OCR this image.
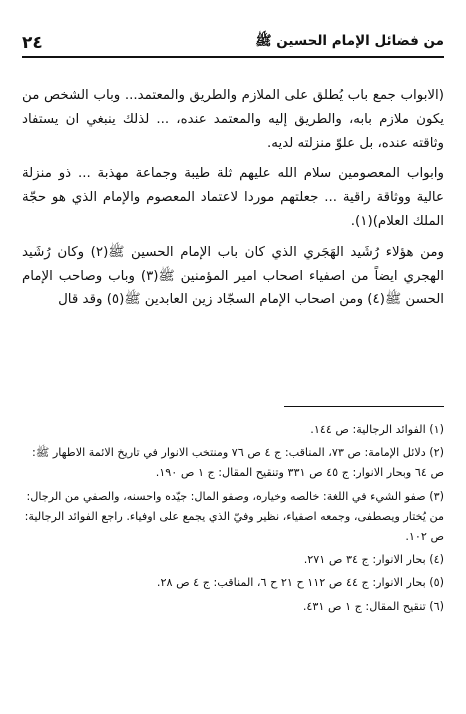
٢٤	من فضائل الإمام الحسين ﷺ

(الابواب جمع باب يُطلق على الملازم والطريق والمعتمد... وباب الشخص من يكون ملازم بابه، والطريق إليه والمعتمد عنده، ... لذلك ينبغي ان يستفاد وثاقته عنده، بل علوّ منزلته لديه.

وابواب المعصومين سلام الله عليهم ثلة طيبة وجماعة مهذبة ... ذو منزلة عالية ووثاقة راقية ... جعلتهم موردا لاعتماد المعصوم والإمام الذي هو حجّة الملك العلام)(١).

ومن هؤلاء رُشَيد الهَجَري الذي كان باب الإمام الحسين ﷺ(٢) وكان رُشَيد الهجري ايضاً من اصفياء اصحاب امير المؤمنين ﷺ(٣) وباب وصاحب الإمام الحسن ﷺ(٤) ومن اصحاب الإمام السجّاد زين العابدين ﷺ(٥) وقد قال

(١) الفوائد الرجالية: ص ١٤٤.
(٢) دلائل الإمامة: ص ٧٣، المناقب: ج ٤ ص ٧٦ ومنتخب الانوار في تاريخ الائمة الاطهار ﷺ: ص ٦٤ وبحار الانوار: ج ٤٥ ص ٣٣١ وتنقيح المقال: ج ١ ص ١٩٠.
(٣) صفو الشيء في اللغة: خالصه وخياره، وصفو المال: جيّده واحسنه، والصفي من الرجال: من يُختار ويصطفى، وجمعه اصفياء، نظير وفيّ الذي يجمع على اوفياء. راجع الفوائد الرجالية: ص ١٠٢.
(٤) بحار الانوار: ج ٣٤ ص ٢٧١.
(٥) بحار الانوار: ج ٤٤ ص ١١٢ ح ٢١ ح ٦، المناقب: ج ٤ ص ٢٨.
(٦) تنقيح المقال: ج ١ ص ٤٣١.
